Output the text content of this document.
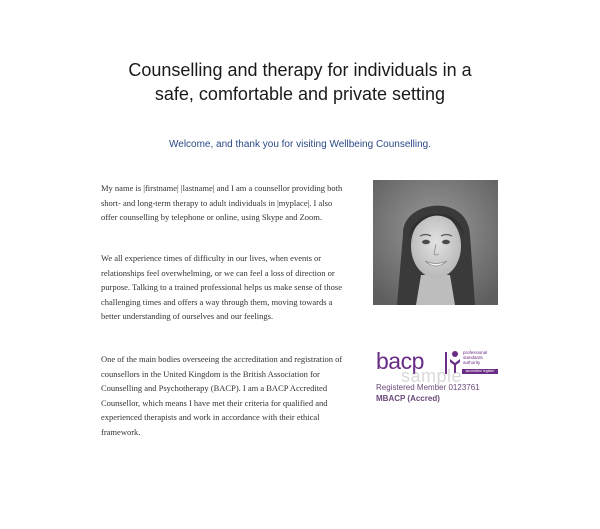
Counselling and therapy for individuals in a
safe, comfortable and private setting
Welcome, and thank you for visiting Wellbeing Counselling.

My name is |firstname| |lastname| and I am a counsellor providing both short- and long-term therapy to adult individuals in |myplace|. I also offer counselling by telephone or online, using Skype and Zoom.

We all experience times of difficulty in our lives, when events or relationships feel overwhelming, or we can feel a loss of direction or purpose. Talking to a trained professional helps us make sense of those challenging times and offers a way through them, moving towards a better understanding of ourselves and our feelings.

One of the main bodies overseeing the accreditation and registration of counsellors in the United Kingdom is the British Association for Counselling and Psychotherapy (BACP). I am a BACP Accredited Counsellor, which means I have met their criteria for qualified and experienced therapists and work in accordance with their ethical framework.

bacp	professional
standards
authority
accredited register
sample
Registered Member 0123761
MBACP (Accred)
